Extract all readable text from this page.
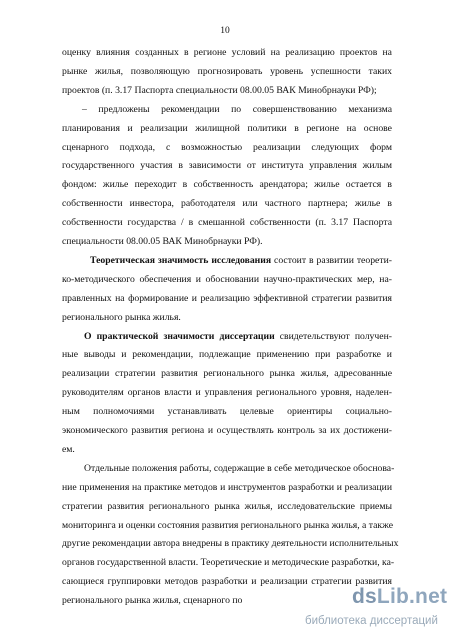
10
оценку влияния созданных в регионе условий на реализацию проектов на
рынке жилья, позволяющую прогнозировать уровень успешности таких
проектов (п. 3.17 Паспорта специальности 08.00.05 ВАК Минобрнауки РФ);
– предложены рекомендации по совершенствованию механизма
планирования и реализации жилищной политики в регионе на основе
сценарного подхода, с возможностью реализации следующих форм
государственного участия в зависимости от института управления жилым
фондом: жилье переходит в собственность арендатора; жилье остается в
собственности инвестора, работодателя или частного партнера; жилье в
собственности государства / в смешанной собственности (п. 3.17 Паспорта
специальности 08.00.05 ВАК Минобрнауки РФ).
Теоретическая значимость исследования состоит в развитии теорети-
ко-методического обеспечения и обосновании научно-практических мер, на-
правленных на формирование и реализацию эффективной стратегии развития
регионального рынка жилья.
О практической значимости диссертации свидетельствуют получен-
ные выводы и рекомендации, подлежащие применению при разработке и
реализации стратегии развития регионального рынка жилья, адресованные
руководителям органов власти и управления регионального уровня, наделен-
ным полномочиями устанавливать целевые ориентиры социально-
экономического развития региона и осуществлять контроль за их достижени-
ем.
Отдельные положения работы, содержащие в себе методическое обоснова-
ние применения на практике методов и инструментов разработки и реализации
стратегии развития регионального рынка жилья, исследовательские приемы
мониторинга и оценки состояния развития регионального рынка жилья, а также
другие рекомендации автора внедрены в практику деятельности исполнительных
органов государственной власти. Теоретические и методические разработки, ка-
сающиеся группировки методов разработки и реализации стратегии развития
регионального рынка жилья, сценарного по	dsLib.net
библиотека диссертаций
